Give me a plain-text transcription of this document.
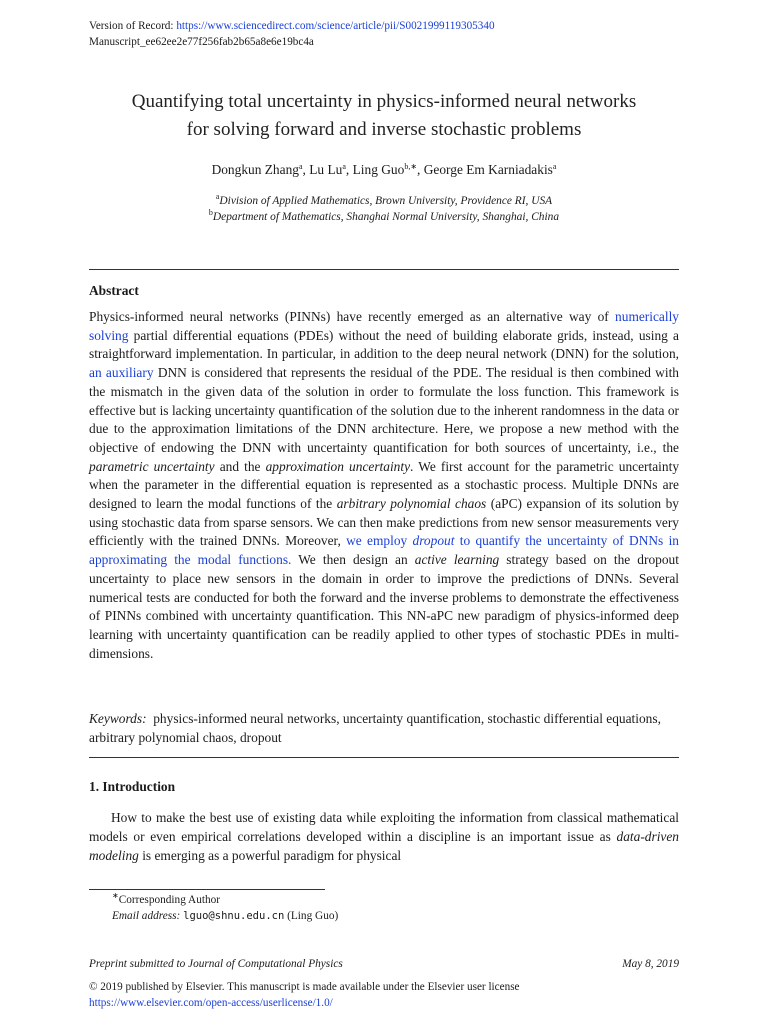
Version of Record: https://www.sciencedirect.com/science/article/pii/S0021999119305340
Manuscript_ee62ee2e77f256fab2b65a8e6e19bc4a
Quantifying total uncertainty in physics-informed neural networks
for solving forward and inverse stochastic problems
Dongkun Zhang$^a$, Lu Lu$^a$, Ling Guo$^{b,∗}$, George Em Karniadakis$^a$
$^a$Division of Applied Mathematics, Brown University, Providence RI, USA
$^b$Department of Mathematics, Shanghai Normal University, Shanghai, China
Abstract
Physics-informed neural networks (PINNs) have recently emerged as an alternative way of numerically solving partial differential equations (PDEs) without the need of building elaborate grids, instead, using a straightforward implementation. In particular, in addition to the deep neural network (DNN) for the solution, an auxiliary DNN is considered that represents the residual of the PDE. The residual is then combined with the mismatch in the given data of the solution in order to formulate the loss function. This framework is effective but is lacking uncertainty quantification of the solution due to the inherent randomness in the data or due to the approximation limitations of the DNN architecture. Here, we propose a new method with the objective of endowing the DNN with uncertainty quantification for both sources of uncertainty, i.e., the parametric uncertainty and the approximation uncertainty. We first account for the parametric uncertainty when the parameter in the differential equation is represented as a stochastic process. Multiple DNNs are designed to learn the modal functions of the arbitrary polynomial chaos (aPC) expansion of its solution by using stochastic data from sparse sensors. We can then make predictions from new sensor measurements very efficiently with the trained DNNs. Moreover, we employ dropout to quantify the uncertainty of DNNs in approximating the modal functions. We then design an active learning strategy based on the dropout uncertainty to place new sensors in the domain in order to improve the predictions of DNNs. Several numerical tests are conducted for both the forward and the inverse problems to demonstrate the effectiveness of PINNs combined with uncertainty quantification. This NN-aPC new paradigm of physics-informed deep learning with uncertainty quantification can be readily applied to other types of stochastic PDEs in multi-dimensions.
Keywords: physics-informed neural networks, uncertainty quantification, stochastic differential equations, arbitrary polynomial chaos, dropout
1. Introduction
How to make the best use of existing data while exploiting the information from classical mathematical models or even empirical correlations developed within a discipline is an important issue as data-driven modeling is emerging as a powerful paradigm for physical
∗Corresponding Author
Email address: lguo@shnu.edu.cn (Ling Guo)
Preprint submitted to Journal of Computational Physics	May 8, 2019
© 2019 published by Elsevier. This manuscript is made available under the Elsevier user license
https://www.elsevier.com/open-access/userlicense/1.0/
